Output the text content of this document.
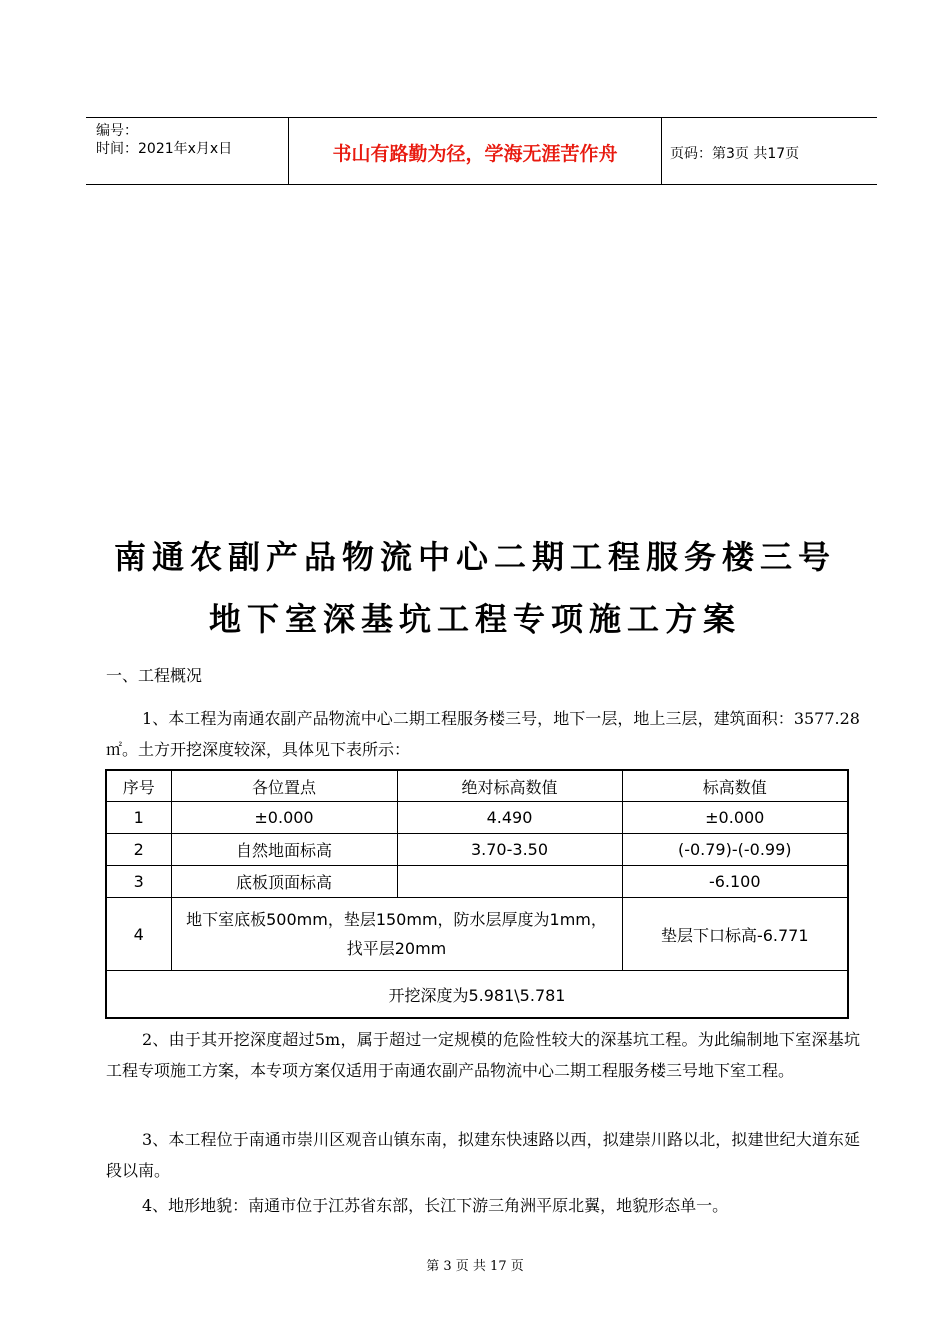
编号：
时间：2021年x月x日	书山有路勤为径，学海无涯苦作舟	页码：第3页 共17页
南通农副产品物流中心二期工程服务楼三号
地下室深基坑工程专项施工方案
一、工程概况
1、本工程为南通农副产品物流中心二期工程服务楼三号，地下一层，地上三层，建筑面积：3577.28㎡。土方开挖深度较深，具体见下表所示：
序号	各位置点	绝对标高数值	标高数值
1	±0.000	4.490	±0.000
2	自然地面标高	3.70-3.50	(-0.79)-(-0.99)
3	底板顶面标高		-6.100
4	地下室底板500mm，垫层150mm，防水层厚度为1mm，找平层20mm		垫层下口标高-6.771
开挖深度为5.981\5.781			
2、由于其开挖深度超过5m，属于超过一定规模的危险性较大的深基坑工程。为此编制地下室深基坑工程专项施工方案，本专项方案仅适用于南通农副产品物流中心二期工程服务楼三号地下室工程。
3、本工程位于南通市崇川区观音山镇东南，拟建东快速路以西，拟建崇川路以北，拟建世纪大道东延段以南。
4、地形地貌：南通市位于江苏省东部，长江下游三角洲平原北翼，地貌形态单一。
第 3 页 共 17 页
